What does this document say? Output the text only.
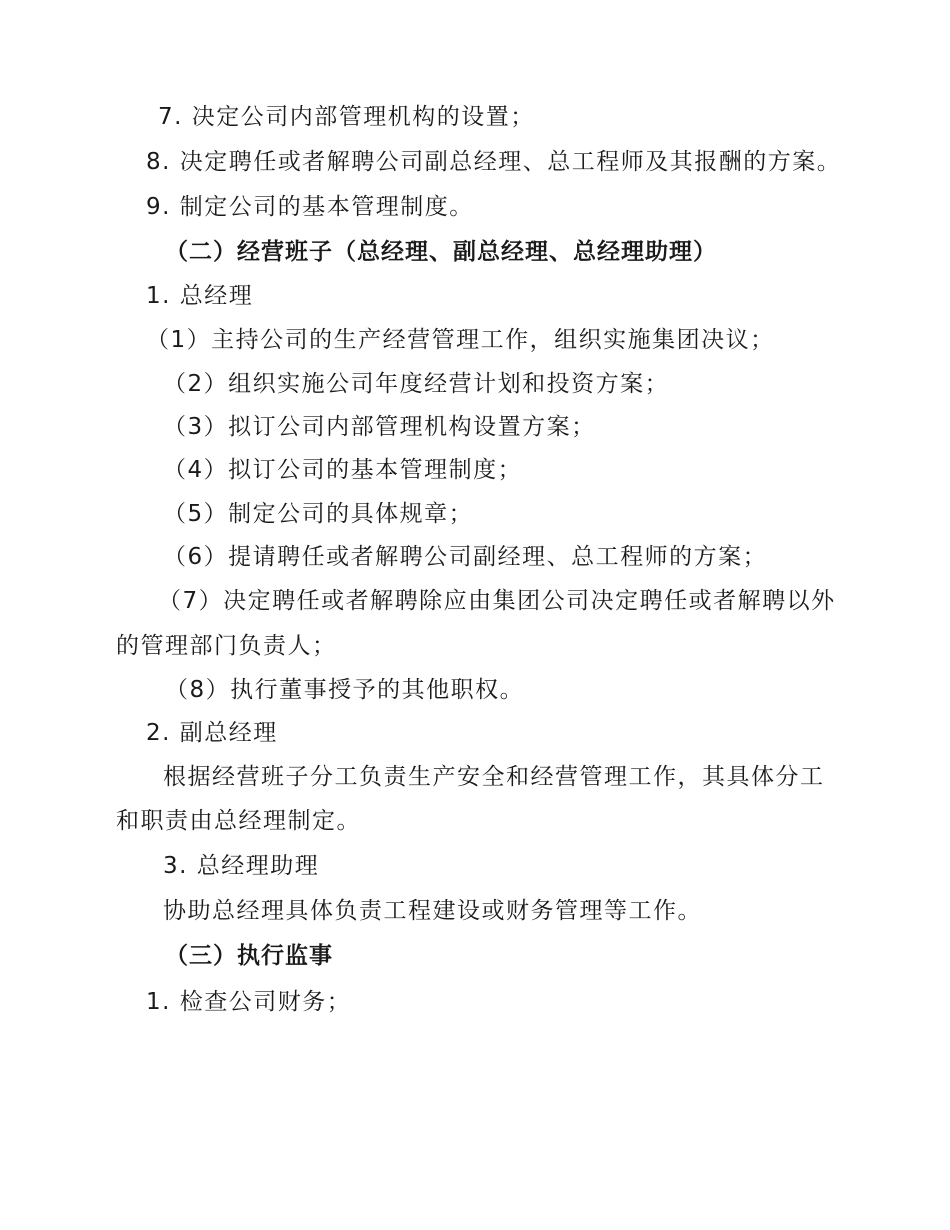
7. 决定公司内部管理机构的设置；
8. 决定聘任或者解聘公司副总经理、总工程师及其报酬的方案。
9. 制定公司的基本管理制度。
（二）经营班子（总经理、副总经理、总经理助理）
1. 总经理
（1）主持公司的生产经营管理工作，组织实施集团决议；
（2）组织实施公司年度经营计划和投资方案；
（3）拟订公司内部管理机构设置方案；
（4）拟订公司的基本管理制度；
（5）制定公司的具体规章；
（6）提请聘任或者解聘公司副经理、总工程师的方案；
（7）决定聘任或者解聘除应由集团公司决定聘任或者解聘以外
的管理部门负责人；
（8）执行董事授予的其他职权。
2. 副总经理
根据经营班子分工负责生产安全和经营管理工作，其具体分工
和职责由总经理制定。
3. 总经理助理
协助总经理具体负责工程建设或财务管理等工作。
（三）执行监事
1. 检查公司财务；
